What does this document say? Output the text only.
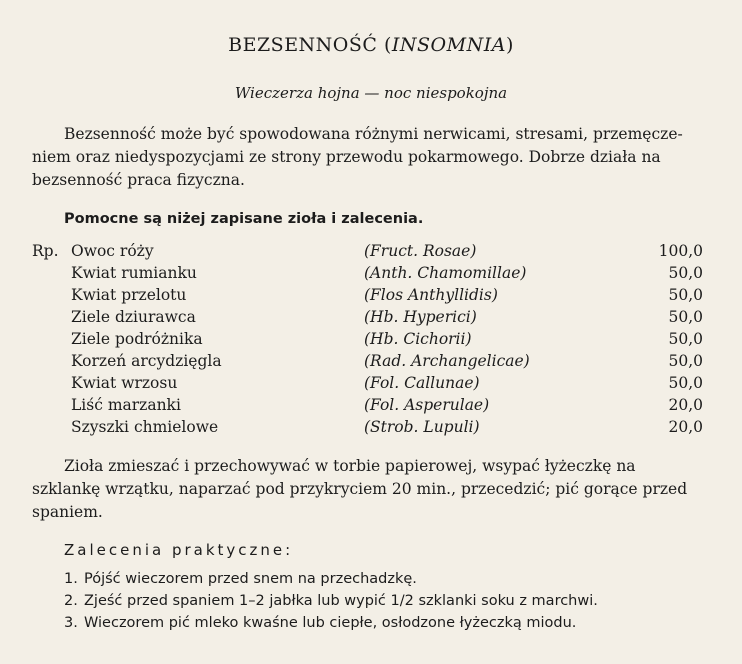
BEZSENNOŚĆ (INSOMNIA)
Wieczerza hojna — noc niespokojna
Bezsenność może być spowodowana różnymi nerwicami, stresami, przemęcze-
niem oraz niedyspozycjami ze strony przewodu pokarmowego. Dobrze działa na
bezsenność praca fizyczna.
Pomocne są niżej zapisane zioła i zalecenia.
Rp. Owoc róży	(Fruct. Rosae)	100,0
Kwiat rumianku	(Anth. Chamomillae)	50,0
Kwiat przelotu	(Flos Anthyllidis)	50,0
Ziele dziurawca	(Hb. Hyperici)	50,0
Ziele podróżnika	(Hb. Cichorii)	50,0
Korzeń arcydzięgla	(Rad. Archangelicae)	50,0
Kwiat wrzosu	(Fol. Callunae)	50,0
Liść marzanki	(Fol. Asperulae)	20,0
Szyszki chmielowe	(Strob. Lupuli)	20,0
Zioła zmieszać i przechowywać w torbie papierowej, wsypać łyżeczkę na
szklankę wrzątku, naparzać pod przykryciem 20 min., przecedzić; pić gorące przed
spaniem.
Zalecenia praktyczne:
1. Pójść wieczorem przed snem na przechadzkę.
2. Zjeść przed spaniem 1–2 jabłka lub wypić 1/2 szklanki soku z marchwi.
3. Wieczorem pić mleko kwaśne lub ciepłe, osłodzone łyżeczką miodu.
